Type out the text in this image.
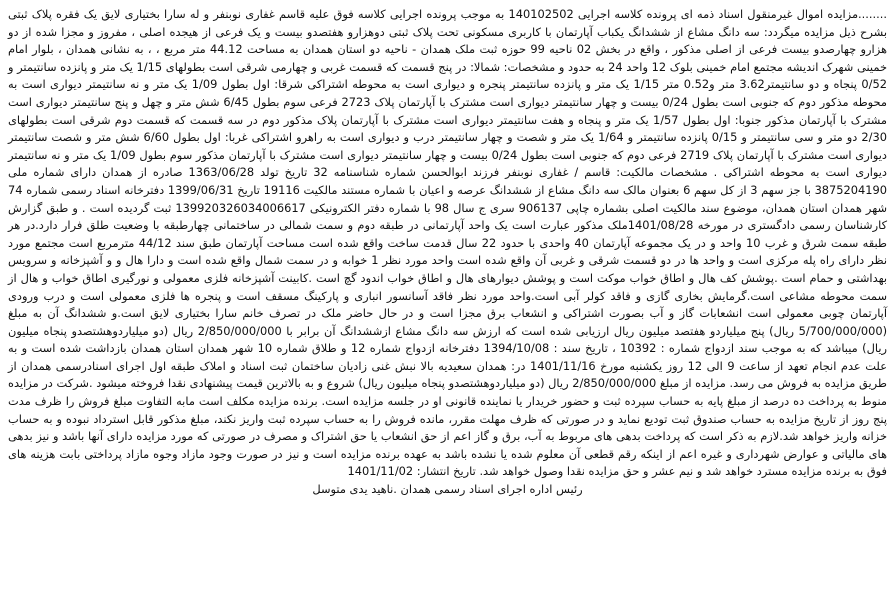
........مزایده اموال غیرمنقول اسناد ذمه ای پرونده کلاسه اجرایی 140102502 به موجب پرونده اجرایی کلاسه فوق علیه قاسم غفاری نوبنفر و له سارا بختیاری لایق یک فقره پلاک ثبتی بشرح ذیل مزایده میگردد: سه دانگ مشاع از ششدانگ یکباب آپارتمان با کاربری مسکونی تحت پلاک ثبتی دوهزارو هفتصدو بیست و یک فرعی از هیجده اصلی ، مفروز و مجزا شده از دو هزارو چهارصدو بیست فرعی از اصلی مذکور ، واقع در بخش 02 ناحیه 99 حوزه ثبت ملک همدان - ناحیه دو استان همدان به مساحت 44.12 متر مربع ، ، به نشانی همدان ، بلوار امام خمینی شهرک اندیشه مجتمع امام خمینی بلوک 12 واحد 24 به حدود و مشخصات: شمالا: در پنج قسمت که قسمت غربی و چهارمی شرقی است بطولهای 1/15 یک متر و پانزده سانتیمتر و 0/52 پنجاه و دو سانتیمتر3.62 متر و0.52 متر 1/15 یک متر و پانزده سانتیمتر پنجره و دیواری است به محوطه اشتراکی شرقا: اول بطول 1/09 یک متر و نه سانتیمتر دیواری است به محوطه مذکور دوم که جنوبی است بطول 0/24 بیست و چهار سانتیمتر دیواری است مشترک با آپارتمان پلاک 2723 فرعی سوم بطول 6/45 شش متر و چهل و پنج سانتیمتر دیواری است مشترک با آپارتمان مذکور جنوبا: اول بطول 1/57 یک متر و پنجاه و هفت سانتیمتر دیواری است مشترک با آپارتمان پلاک مذکور دوم در سه قسمت که قسمت دوم شرقی است بطولهای 2/30 دو متر و سی سانتیمتر و 0/15 پانزده سانتیمتر و 1/64 یک متر و شصت و چهار سانتیمتر درب و دیواری است به راهرو اشتراکی غربا: اول بطول 6/60 شش متر و شصت سانتیمتر دیواری است مشترک با آپارتمان پلاک 2719 فرعی دوم که جنوبی است بطول 0/24 بیست و چهار سانتیمتر دیواری است مشترک با آپارتمان مذکور سوم بطول 1/09 یک متر و نه سانتیمتر دیواری است به محوطه اشتراکی . مشخصات مالکیت: قاسم / غفاری نوبنفر فرزند ابوالحسن شماره شناسنامه 32 تاریخ تولد 1363/06/28 صادره از همدان دارای شماره ملی 3875204190 با جز سهم 3 از کل سهم 6 بعنوان مالک سه دانگ مشاع از ششدانگ عرصه و اعیان با شماره مستند مالکیت 19116 تاریخ 1399/06/31 دفترخانه اسناد رسمی شماره 74 شهر همدان استان همدان، موضوع سند مالکیت اصلی بشماره چاپی 906137 سری ج سال 98 با شماره دفتر الکترونیکی 139920326034006617 ثبت گردیده است . و طبق گزارش کارشناسان رسمی دادگستری در مورخه 1401/08/28ملک مذکور عبارت است یک واحد آپارتمانی در طبقه دوم و سمت شمالی در ساختمانی چهارطبقه با وضعیت طلق فرار دارد.در هر طبقه سمت شرق و غرب 10 واحد و در یک مجموعه آپارتمان 40 واحدی با حدود 22 سال قدمت ساخت واقع شده است مساحت آپارتمان طبق سند 44/12 مترمربع است مجتمع مورد نظر دارای راه پله مرکزی است و واحد ها در دو قسمت شرقی و غربی آن واقع شده است واحد مورد نظر 1 خوابه و در سمت شمال واقع شده است و دارا هال و و آشپزخانه و سرویس بهداشتی و حمام است .پوشش کف هال و اطاق خواب موکت است و پوشش دیوارهای هال و اطاق خواب اندود گچ است .کابینت آشپزخانه فلزی معمولی و نورگیری اطاق خواب و هال از سمت محوطه مشاعی است.گرمایش بخاری گازی و فاقد کولر آبی است.واحد مورد نظر فاقد آسانسور انباری و پارکینگ مسقف است و پنجره ها فلزی معمولی است و درب ورودی آپارتمان چوبی معمولی است انشعابات گاز و آب بصورت اشتراکی و انشعاب برق مجزا است و در حال حاضر ملک در تصرف خانم سارا بختیاری لایق است.و ششدانگ آن به مبلغ (5/700/000/000 ریال) پنج میلیاردو هفتصد میلیون ریال ارزیابی شده است که ارزش سه دانگ مشاع ازششدانگ آن برابر با 2/850/000/000 ریال (دو میلیاردوهشتصدو پنجاه میلیون ریال) میباشد که به موجب سند ازدواج شماره : 10392 ، تاریخ سند : 1394/10/08 دفترخانه ازدواج شماره 12 و طلاق شماره 10 شهر همدان استان همدان بازداشت شده است و به علت عدم انجام تعهد از ساعت 9 الی 12 روز یکشنبه مورخ 1401/11/16 در: همدان سعیدیه بالا نبش غنی زادیان ساختمان ثبت اسناد و املاک طبقه اول اجرای اسنادرسمی همدان از طریق مزایده به فروش می رسد. مزایده از مبلغ 2/850/000/000 ریال (دو میلیاردوهشتصدو پنجاه میلیون ریال) شروع و به بالاترین قیمت پیشنهادی نقدا فروخته میشود .شرکت در مزایده منوط به پرداخت ده درصد از مبلغ پایه به حساب سپرده ثبت و حضور خریدار یا نماینده قانونی او در جلسه مزایده است. برنده مزایده مکلف است مابه التفاوت مبلغ فروش را ظرف مدت پنج روز از تاریخ مزایده به حساب صندوق ثبت تودیع نماید و در صورتی که ظرف مهلت مقرر، مانده فروش را به حساب سپرده ثبت واریز نکند، مبلغ مذکور قابل استرداد نبوده و به حساب خزانه واریز خواهد شد.لازم به ذکر است که پرداخت بدهی های مربوط به آب، برق و گاز اعم از حق انشعاب یا حق اشتراک و مصرف در صورتی که مورد مزایده دارای آنها باشد و نیز بدهی های مالیاتی و عوارض شهرداری و غیره اعم از اینکه رقم قطعی آن معلوم شده یا نشده باشد به عهده برنده مزایده است و نیز در صورت وجود مازاد وجوه مازاد پرداختی بابت هزینه های فوق به برنده مزایده مسترد خواهد شد و نیم عشر و حق مزایده نقدا وصول خواهد شد. تاریخ انتشار: 1401/11/02

رئیس اداره اجرای اسناد رسمی همدان .ناهید یدی متوسل
